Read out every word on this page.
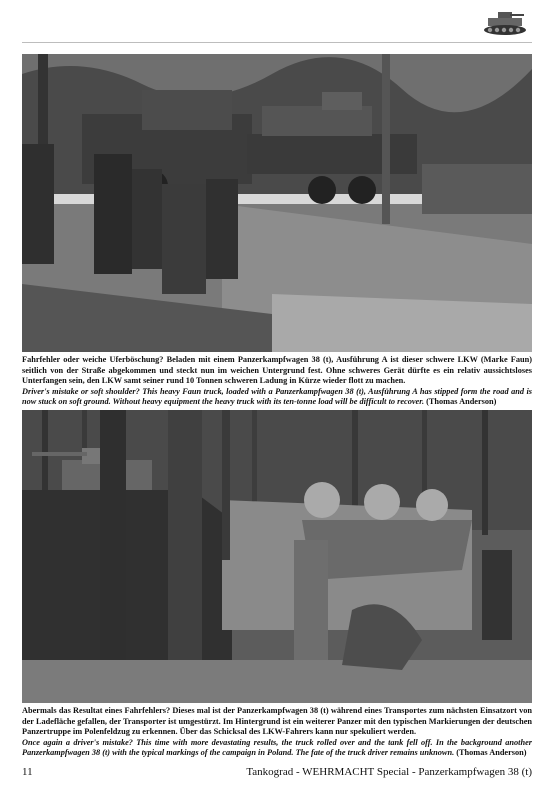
Fahrfehler oder weiche Uferböschung? Beladen mit einem Panzerkampfwagen 38 (t), Ausführung A ist dieser schwere LKW (Marke Faun) seitlich von der Straße abgekommen und steckt nun im weichen Untergrund fest. Ohne schweres Gerät dürfte es ein relativ aussichtsloses Unterfangen sein, den LKW samt seiner rund 10 Tonnen schweren Ladung in Kürze wieder flott zu machen.
Driver's mistake or soft shoulder? This heavy Faun truck, loaded with a Panzerkampfwagen 38 (t), Ausführung A has stipped form the road and is now stuck on soft ground. Without heavy equipment the heavy truck with its ten-tonne load will be difficult to recover. (Thomas Anderson)
Abermals das Resultat eines Fahrfehlers? Dieses mal ist der Panzerkampfwagen 38 (t) während eines Transportes zum nächsten Einsatzort von der Ladefläche gefallen, der Transporter ist umgestürzt. Im Hintergrund ist ein weiterer Panzer mit den typischen Markierungen der deutschen Panzertruppe im Polenfeldzug zu erkennen. Über das Schicksal des LKW-Fahrers kann nur spekuliert werden.
Once again a driver's mistake? This time with more devastating results, the truck rolled over and the tank fell off. In the background another Panzerkampfwagen 38 (t) with the typical markings of the campaign in Poland. The fate of the truck driver remains unknown. (Thomas Anderson)
11	Tankograd - WEHRMACHT Special - Panzerkampfwagen 38 (t)
